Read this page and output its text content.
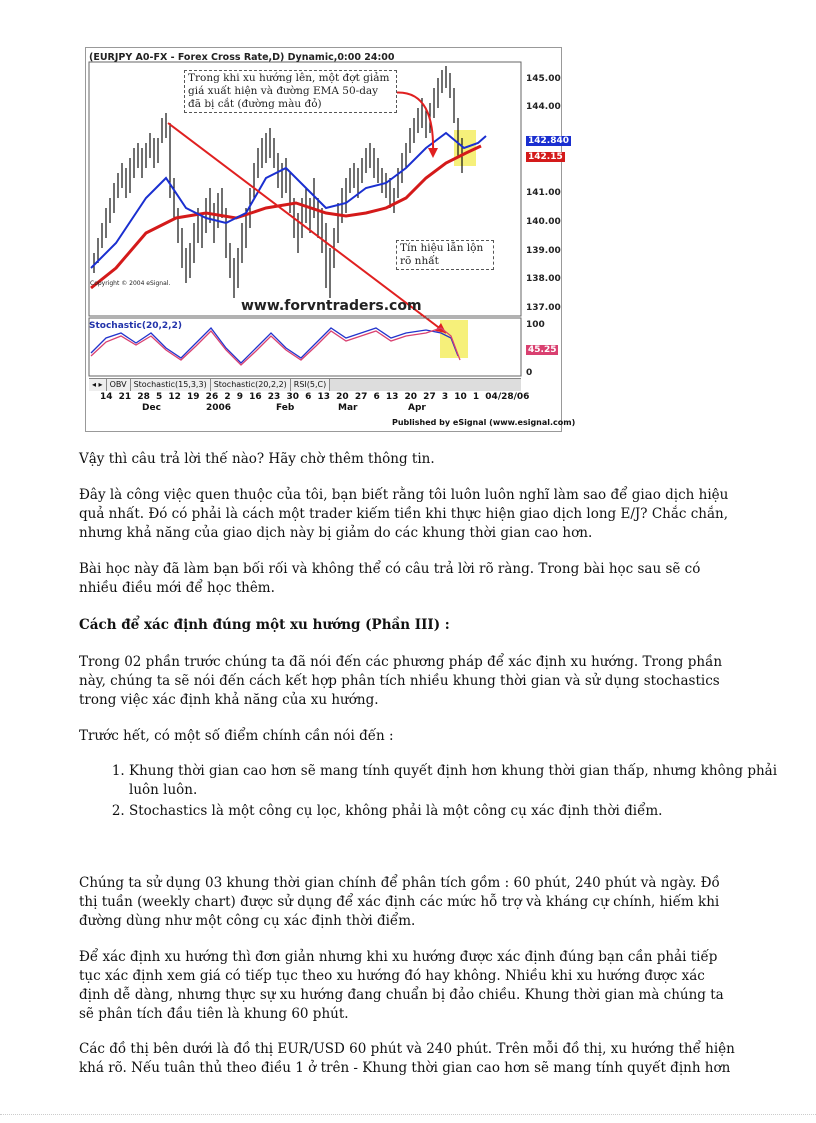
(EURJPY A0-FX - Forex Cross Rate,D) Dynamic,0:00 24:00
Trong khi xu hướng lên, một đợt giảm giá xuất hiện và đường EMA 50-day đã bị cắt (đường màu đỏ)
Tín hiệu lẫn lộn rõ nhất
www.forvntraders.com
Copyright © 2004 eSignal.
145.00
144.00
142.840
142.15
141.00
140.00
139.00
138.00
137.00
Stochastic(20,2,2)	100
45.25
0
◂ ▸ OBV Stochastic(15,3,3) Stochastic(20,2,2) RSI(5,C)
14 21 28 5 12 19 26 2 9 16 23 30 6 13 20 27 6 13 20 27 3 10 1 04/28/06
Dec	2006	Feb	Mar	Apr
Published by eSignal (www.esignal.com)

Vậy thì câu trả lời thế nào? Hãy chờ thêm thông tin.

Đây là công việc quen thuộc của tôi, bạn biết rằng tôi luôn luôn nghĩ làm sao để giao dịch hiệu quả nhất. Đó có phải là cách một trader kiếm tiền khi thực hiện giao dịch long E/J? Chắc chắn, nhưng khả năng của giao dịch này bị giảm do các khung thời gian cao hơn.

Bài học này đã làm bạn bối rối và không thể có câu trả lời rõ ràng. Trong bài học sau sẽ có nhiều điều mới để học thêm.

Cách để xác định đúng một xu hướng (Phần III) :

Trong 02 phần trước chúng ta đã nói đến các phương pháp để xác định xu hướng. Trong phần này, chúng ta sẽ nói đến cách kết hợp phân tích nhiều khung thời gian và sử dụng stochastics trong việc xác định khả năng của xu hướng.

Trước hết, có một số điểm chính cần nói đến :

1. Khung thời gian cao hơn sẽ mang tính quyết định hơn khung thời gian thấp, nhưng không phải luôn luôn.
2. Stochastics là một công cụ lọc, không phải là một công cụ xác định thời điểm.

Chúng ta sử dụng 03 khung thời gian chính để phân tích gồm : 60 phút, 240 phút và ngày. Đồ thị tuần (weekly chart) được sử dụng để xác định các mức hỗ trợ và kháng cự chính, hiếm khi đường dùng như một công cụ xác định thời điểm.

Để xác định xu hướng thì đơn giản nhưng khi xu hướng được xác định đúng bạn cần phải tiếp tục xác định xem giá có tiếp tục theo xu hướng đó hay không. Nhiều khi xu hướng được xác định dễ dàng, nhưng thực sự xu hướng đang chuẩn bị đảo chiều. Khung thời gian mà chúng ta sẽ phân tích đầu tiên là khung 60 phút.

Các đồ thị bên dưới là đồ thị EUR/USD 60 phút và 240 phút. Trên mỗi đồ thị, xu hướng thể hiện khá rõ. Nếu tuân thủ theo điều 1 ở trên - Khung thời gian cao hơn sẽ mang tính quyết định hơn
